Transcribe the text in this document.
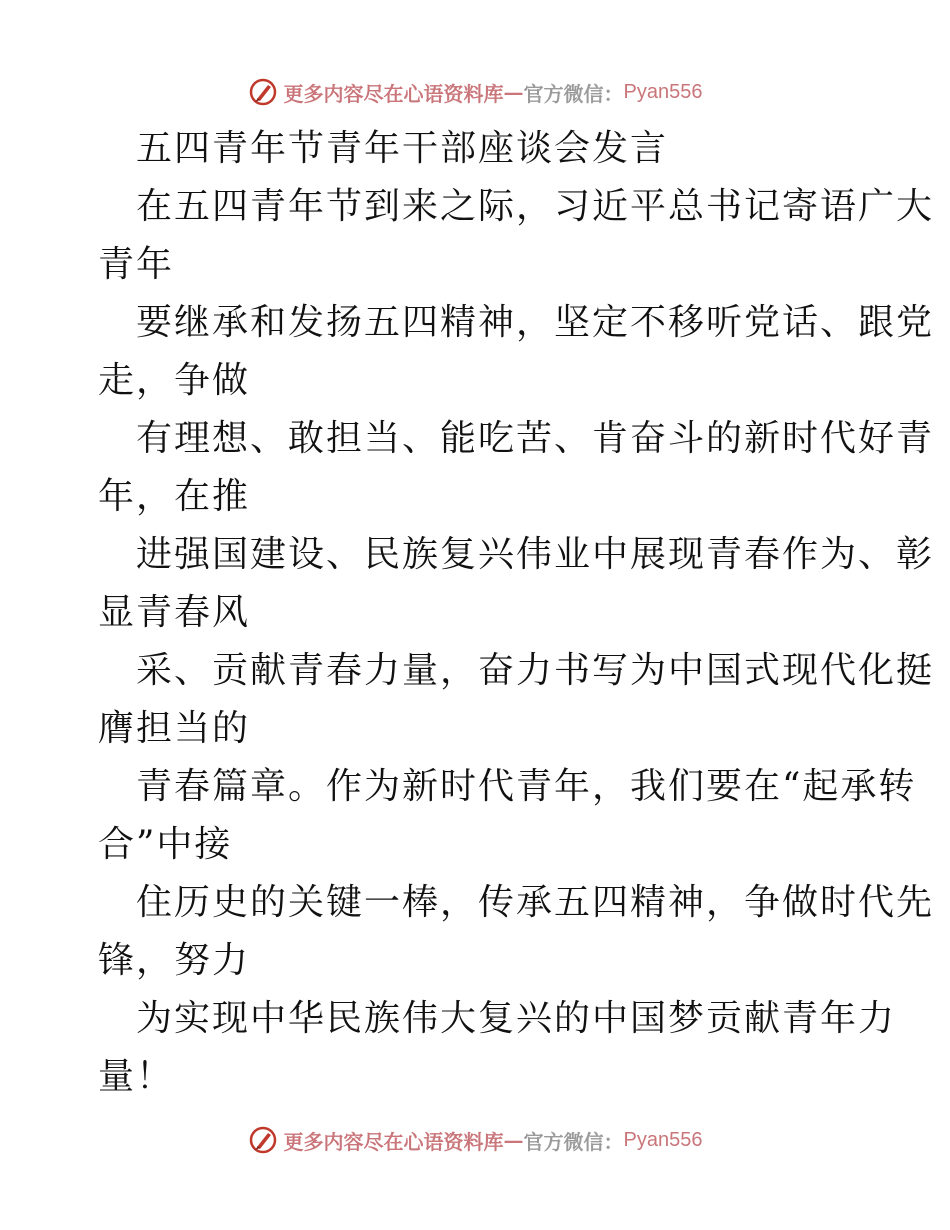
更多内容尽在心语资料库 — 官方微信： Pyan556
五四青年节青年干部座谈会发言
在五四青年节到来之际，习近平总书记寄语广大
青年
要继承和发扬五四精神，坚定不移听党话、跟党
走，争做
有理想、敢担当、能吃苦、肯奋斗的新时代好青
年，在推
进强国建设、民族复兴伟业中展现青春作为、彰
显青春风
采、贡献青春力量，奋力书写为中国式现代化挺
膺担当的
青春篇章。作为新时代青年，我们要在“起承转
合”中接
住历史的关键一棒，传承五四精神，争做时代先
锋，努力
为实现中华民族伟大复兴的中国梦贡献青年力
量！
更多内容尽在心语资料库 — 官方微信： Pyan556
